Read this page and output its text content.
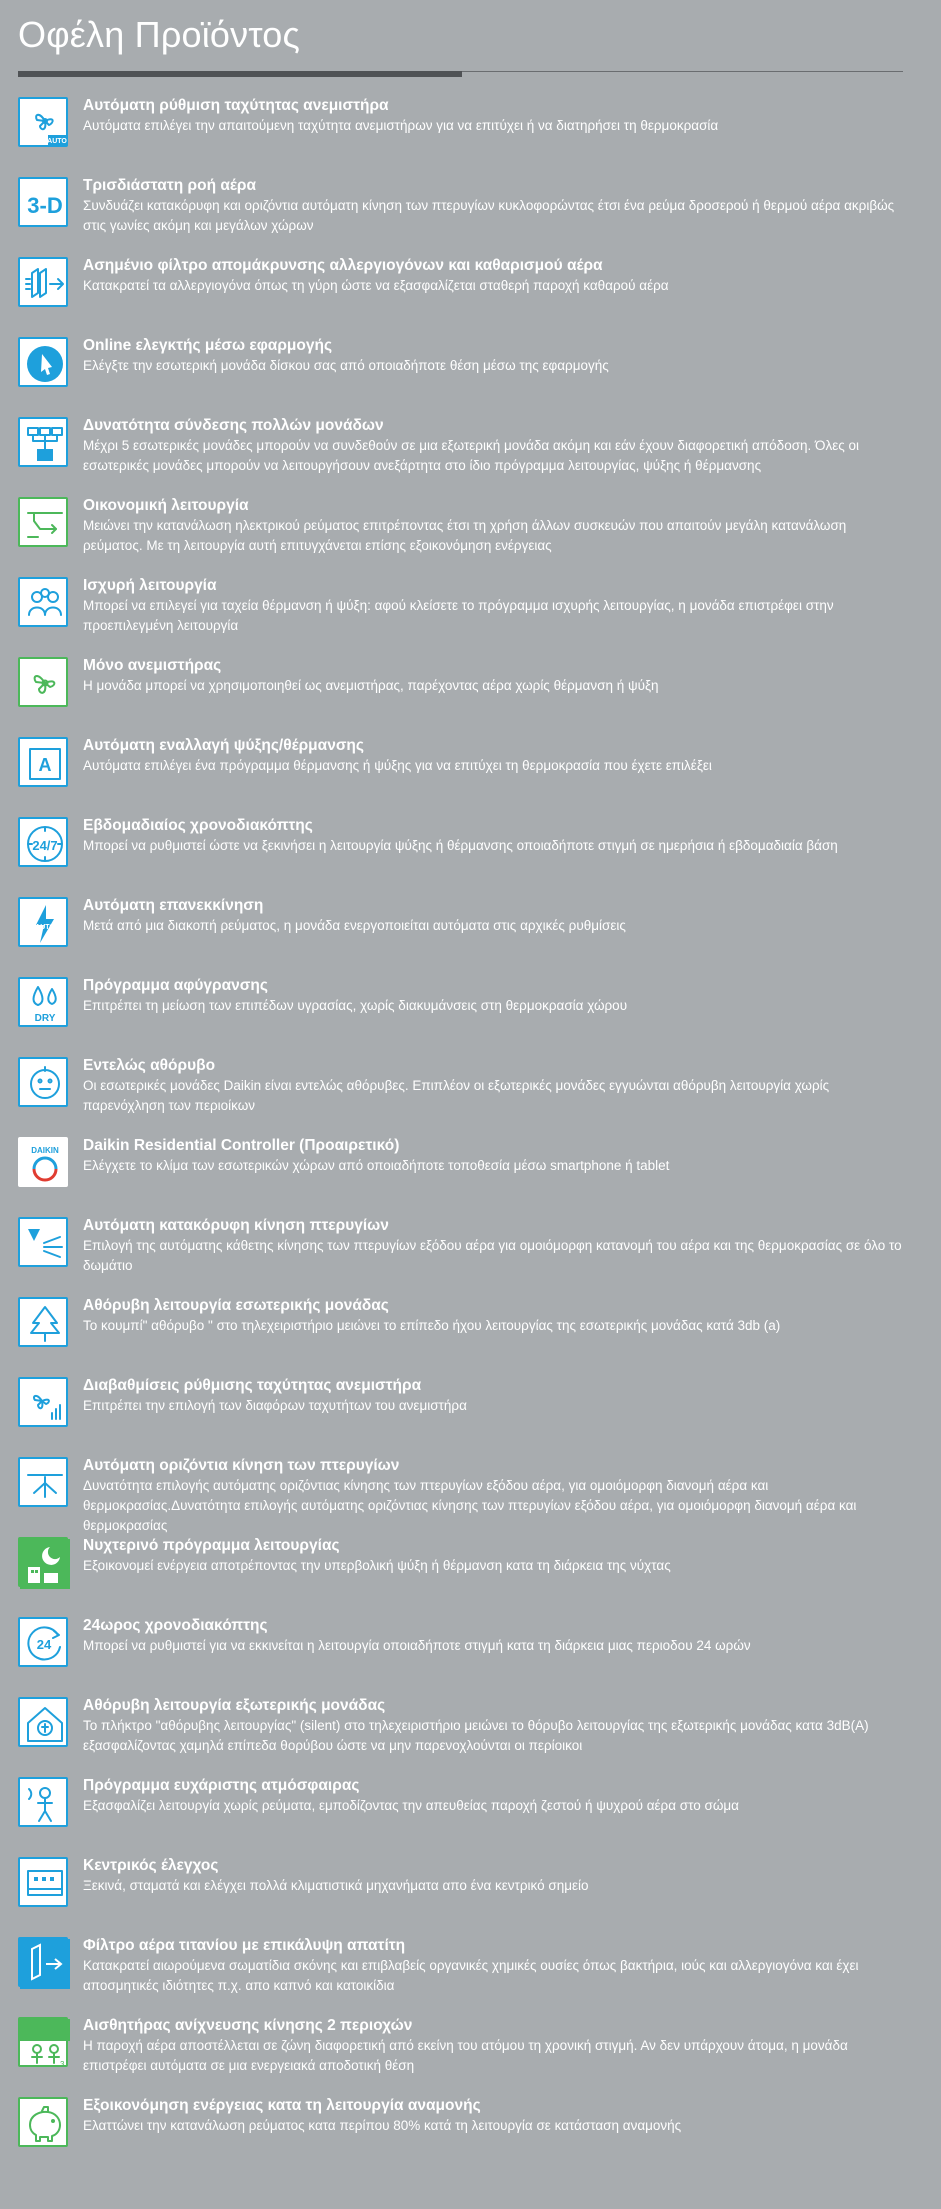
Οφέλη Προϊόντος
AUTO
Αυτόματη ρύθμιση ταχύτητας ανεμιστήρα
Αυτόματα επιλέγει την απαιτούμενη ταχύτητα ανεμιστήρων για να επιτύχει ή να διατηρήσει τη θερμοκρασία
3-D
Τρισδιάστατη ροή αέρα
Συνδυάζει κατακόρυφη και οριζόντια αυτόματη κίνηση των πτερυγίων κυκλοφορώντας έτσι ένα ρεύμα δροσερού ή θερμού αέρα ακριβώς στις γωνίες ακόμη και μεγάλων χώρων
Ασημένιο φίλτρο απομάκρυνσης αλλεργιογόνων και καθαρισμού αέρα
Κατακρατεί τα αλλεργιογόνα όπως τη γύρη ώστε να εξασφαλίζεται σταθερή παροχή καθαρού αέρα
Online ελεγκτής μέσω εφαρμογής
Ελέγξτε την εσωτερική μονάδα δίσκου σας από οποιαδήποτε θέση μέσω της εφαρμογής
Δυνατότητα σύνδεσης πολλών μονάδων
Μέχρι 5 εσωτερικές μονάδες μπορούν να συνδεθούν σε μια εξωτερική μονάδα ακόμη και εάν έχουν διαφορετική απόδοση. Όλες οι εσωτερικές μονάδες μπορούν να λειτουργήσουν ανεξάρτητα στο ίδιο πρόγραμμα λειτουργίας, ψύξης ή θέρμανσης
Οικονομική λειτουργία
Μειώνει την κατανάλωση ηλεκτρικού ρεύματος επιτρέποντας έτσι τη χρήση άλλων συσκευών που απαιτούν μεγάλη κατανάλωση ρεύματος. Με τη λειτουργία αυτή επιτυγχάνεται επίσης εξοικονόμηση ενέργειας
Ισχυρή λειτουργία
Μπορεί να επιλεγεί για ταχεία θέρμανση ή ψύξη: αφού κλείσετε το πρόγραμμα ισχυρής λειτουργίας, η μονάδα επιστρέφει στην προεπιλεγμένη λειτουργία
Μόνο ανεμιστήρας
Η μονάδα μπορεί να χρησιμοποιηθεί ως ανεμιστήρας, παρέχοντας αέρα χωρίς θέρμανση ή ψύξη
A
Αυτόματη εναλλαγή ψύξης/θέρμανσης
Αυτόματα επιλέγει ένα πρόγραμμα θέρμανσης ή ψύξης για να επιτύχει τη θερμοκρασία που έχετε επιλέξει
24/7
Εβδομαδιαίος χρονοδιακόπτης
Μπορεί να ρυθμιστεί ώστε να ξεκινήσει η λειτουργία ψύξης ή θέρμανσης οποιαδήποτε στιγμή σε ημερήσια ή εβδομαδιαία βάση
AUTO
Αυτόματη επανεκκίνηση
Μετά από μια διακοπή ρεύματος, η μονάδα ενεργοποιείται αυτόματα στις αρχικές ρυθμίσεις
DRY
Πρόγραμμα αφύγρανσης
Επιτρέπει τη μείωση των επιπέδων υγρασίας, χωρίς διακυμάνσεις στη θερμοκρασία χώρου
Εντελώς αθόρυβο
Οι εσωτερικές μονάδες Daikin είναι εντελώς αθόρυβες. Επιπλέον οι εξωτερικές μονάδες εγγυώνται αθόρυβη λειτουργία χωρίς παρενόχληση των περιοίκων
DAIKIN Daikin Residential Controller (Προαιρετικό)
Ελέγχετε το κλίμα των εσωτερικών χώρων από οποιαδήποτε τοποθεσία μέσω smartphone ή tablet
Αυτόματη κατακόρυφη κίνηση πτερυγίων
Επιλογή της αυτόματης κάθετης κίνησης των πτερυγίων εξόδου αέρα για ομοιόμορφη κατανομή του αέρα και της θερμοκρασίας σε όλο το δωμάτιο
Αθόρυβη λειτουργία εσωτερικής μονάδας
Το κουμπί" αθόρυβο " στο τηλεχειριστήριο μειώνει το επίπεδο ήχου λειτουργίας της εσωτερικής μονάδας κατά 3db (a)
Διαβαθμίσεις ρύθμισης ταχύτητας ανεμιστήρα
Επιτρέπει την επιλογή των διαφόρων ταχυτήτων του ανεμιστήρα
Αυτόματη οριζόντια κίνηση των πτερυγίων
Δυνατότητα επιλογής αυτόματης οριζόντιας κίνησης των πτερυγίων εξόδου αέρα, για ομοιόμορφη διανομή αέρα και θερμοκρασίας.Δυνατότητα επιλογής αυτόματης οριζόντιας κίνησης των πτερυγίων εξόδου αέρα, για ομοιόμορφη διανομή αέρα και θερμοκρασίας
Νυχτερινό πρόγραμμα λειτουργίας
Εξοικονομεί ενέργεια αποτρέποντας την υπερβολική ψύξη ή θέρμανση κατα τη διάρκεια της νύχτας
24
24ωρος χρονοδιακόπτης
Μπορεί να ρυθμιστεί για να εκκινείται η λειτουργία οποιαδήποτε στιγμή κατα τη διάρκεια μιας περιοδου 24 ωρών
Αθόρυβη λειτουργία εξωτερικής μονάδας
Το πλήκτρο "αθόρυβης λειτουργίας" (silent) στο τηλεχειριστήριο μειώνει το θόρυβο λειτουργίας της εξωτερικής μονάδας κατα 3dB(A) εξασφαλίζοντας χαμηλά επίπεδα θορύβου ώστε να μην παρενοχλούνται οι περίοικοι
Πρόγραμμα ευχάριστης ατμόσφαιρας
Εξασφαλίζει λειτουργία χωρίς ρεύματα, εμποδίζοντας την απευθείας παροχή ζεστού ή ψυχρού αέρα στο σώμα
Κεντρικός έλεγχος
Ξεκινά, σταματά και ελέγχει πολλά κλιματιστικά μηχανήματα απο ένα κεντρικό σημείο
Φίλτρο αέρα τιτανίου με επικάλυψη απατίτη
Κατακρατεί αιωρούμενα σωματίδια σκόνης και επιβλαβείς οργανικές χημικές ουσίες όπως βακτήρια, ιούς και αλλεργιογόνα και έχει αποσμητικές ιδιότητες π.χ. απο καπνό και κατοικίδια
3
Αισθητήρας ανίχνευσης κίνησης 2 περιοχών
Η παροχή αέρα αποστέλλεται σε ζώνη διαφορετική από εκείνη του ατόμου τη χρονική στιγμή. Αν δεν υπάρχουν άτομα, η μονάδα επιστρέφει αυτόματα σε μια ενεργειακά αποδοτική θέση
Εξοικονόμηση ενέργειας κατα τη λειτουργία αναμονής
Ελαττώνει την κατανάλωση ρεύματος κατα περίπου 80% κατά τη λειτουργία σε κατάσταση αναμονής
